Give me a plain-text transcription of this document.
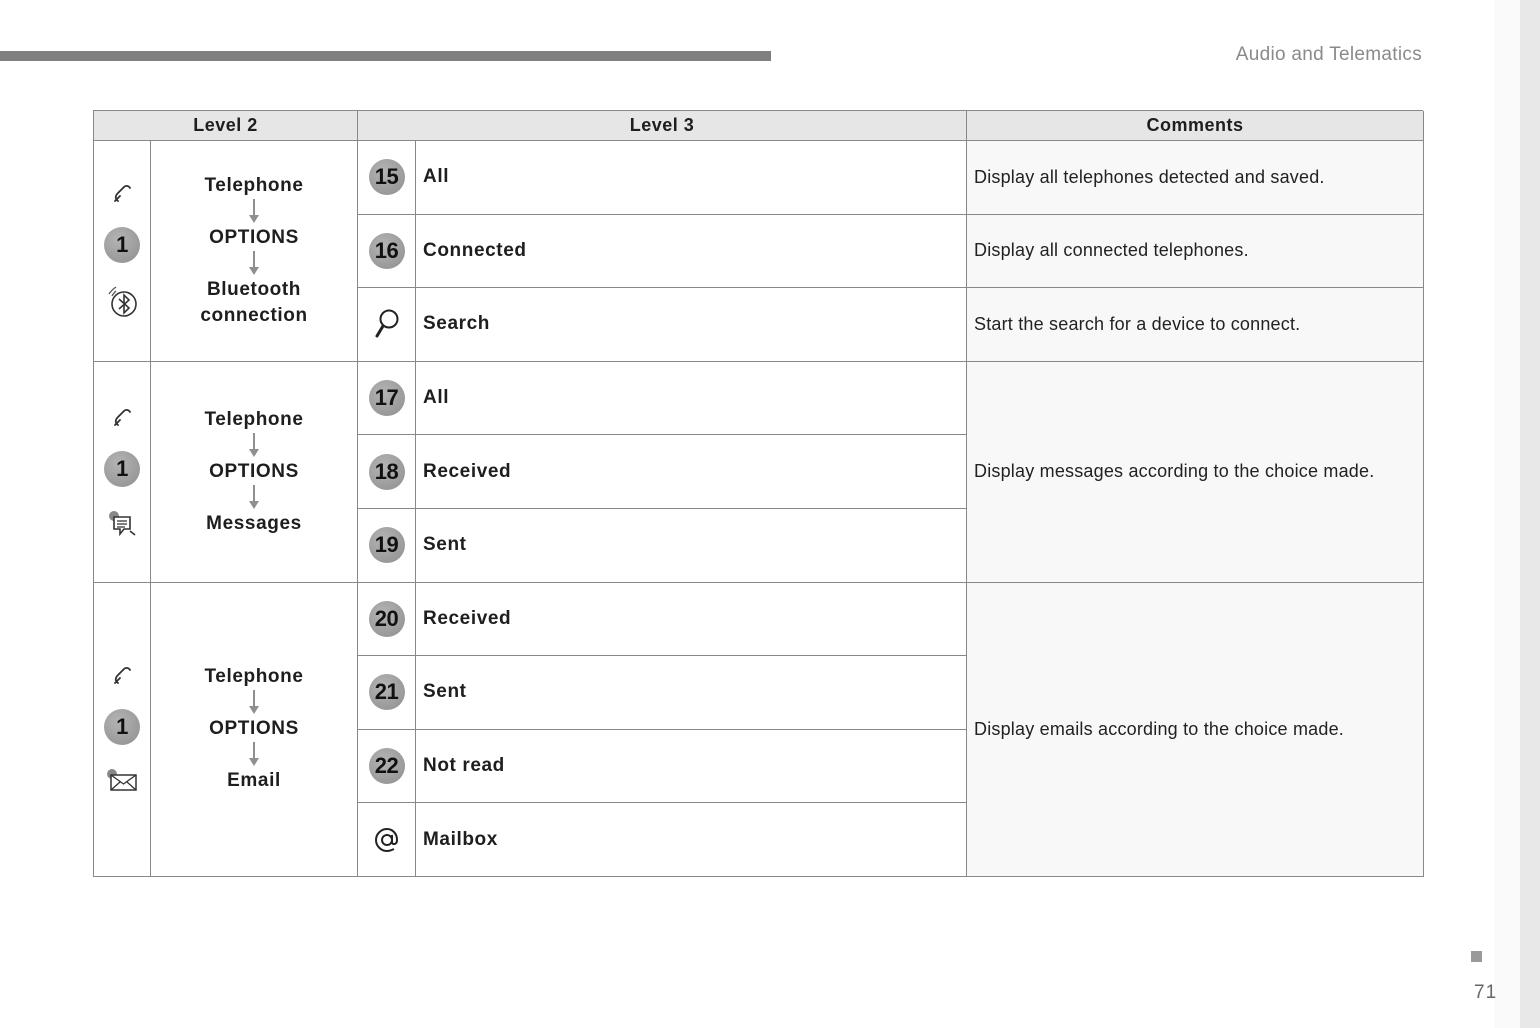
Audio and Telematics
Level 2	Level 3	Comments
1
Telephone
OPTIONS
Bluetooth connection
15	All	Display all telephones detected and saved.
16	Connected	Display all connected telephones.
Search	Start the search for a device to connect.
1
Telephone
OPTIONS
Messages
17	All
18	Received
19	Sent
Display messages according to the choice made.
1
Telephone
OPTIONS
Email
20	Received
21	Sent
22	Not read
Mailbox
Display emails according to the choice made.
71
